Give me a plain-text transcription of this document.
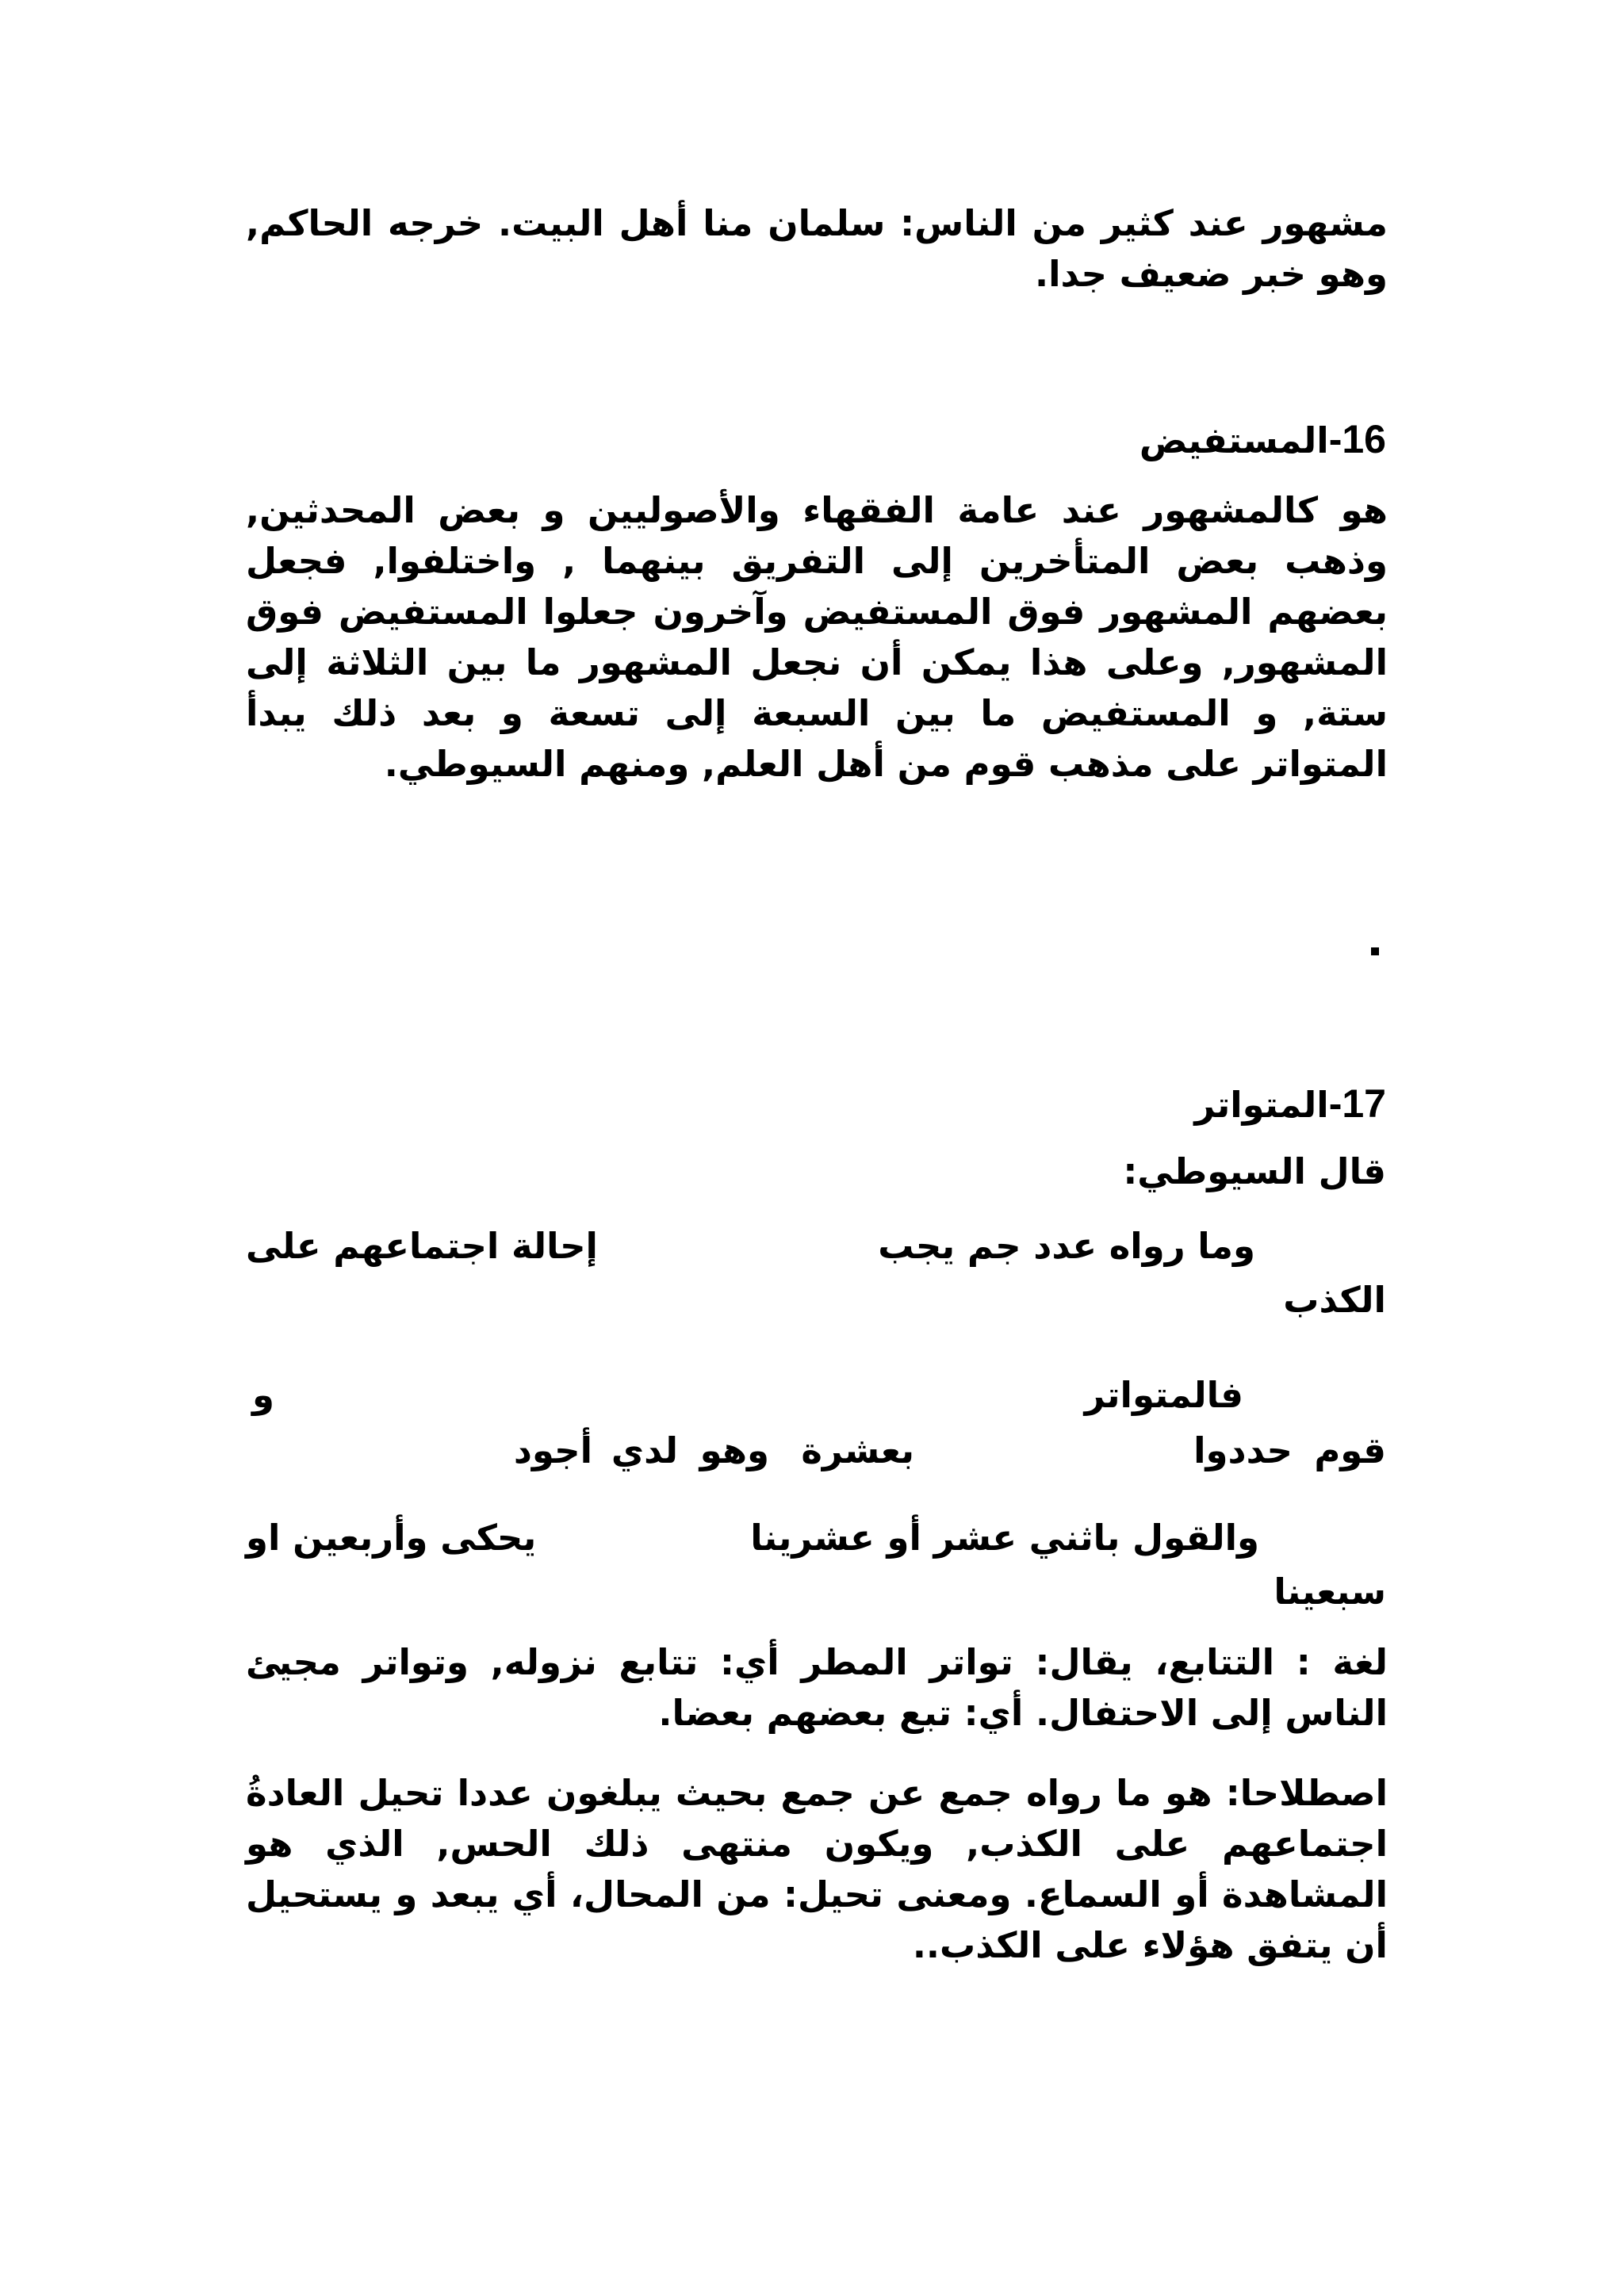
مشهور عند كثير من الناس: سلمان منا أهل البيت. خرجه الحاكم, وهو خبر ضعيف جدا.
16-المستفيض
هو كالمشهور عند عامة الفقهاء والأصوليين و بعض المحدثين, وذهب بعض المتأخرين إلى التفريق بينهما , واختلفوا, فجعل بعضهم المشهور فوق المستفيض وآخرون جعلوا المستفيض فوق المشهور, وعلى هذا يمكن أن نجعل المشهور ما بين الثلاثة إلى ستة, و المستفيض ما بين السبعة إلى تسعة و بعد ذلك يبدأ المتواتر على مذهب قوم من أهل العلم, ومنهم السيوطي.
17-المتواتر
قال السيوطي:
وما رواه عدد جم يجب
إحالة اجتماعهم على
الكذب
فالمتواتر
و
قوم
حددوا
بعشرة
وهو
لدي
أجود
والقول باثني عشر أو عشرينا
يحكى وأربعين او
سبعينا
لغة : التتابع، يقال: تواتر المطر أي: تتابع نزوله, وتواتر مجيئ الناس إلى الاحتفال. أي: تبع بعضهم بعضا.
اصطلاحا: هو ما رواه جمع عن جمع بحيث يبلغون عددا تحيل العادةُ اجتماعهم على الكذب, ويكون منتهى ذلك الحس, الذي هو المشاهدة أو السماع. ومعنى تحيل: من المحال، أي يبعد و يستحيل أن يتفق هؤلاء على الكذب..
